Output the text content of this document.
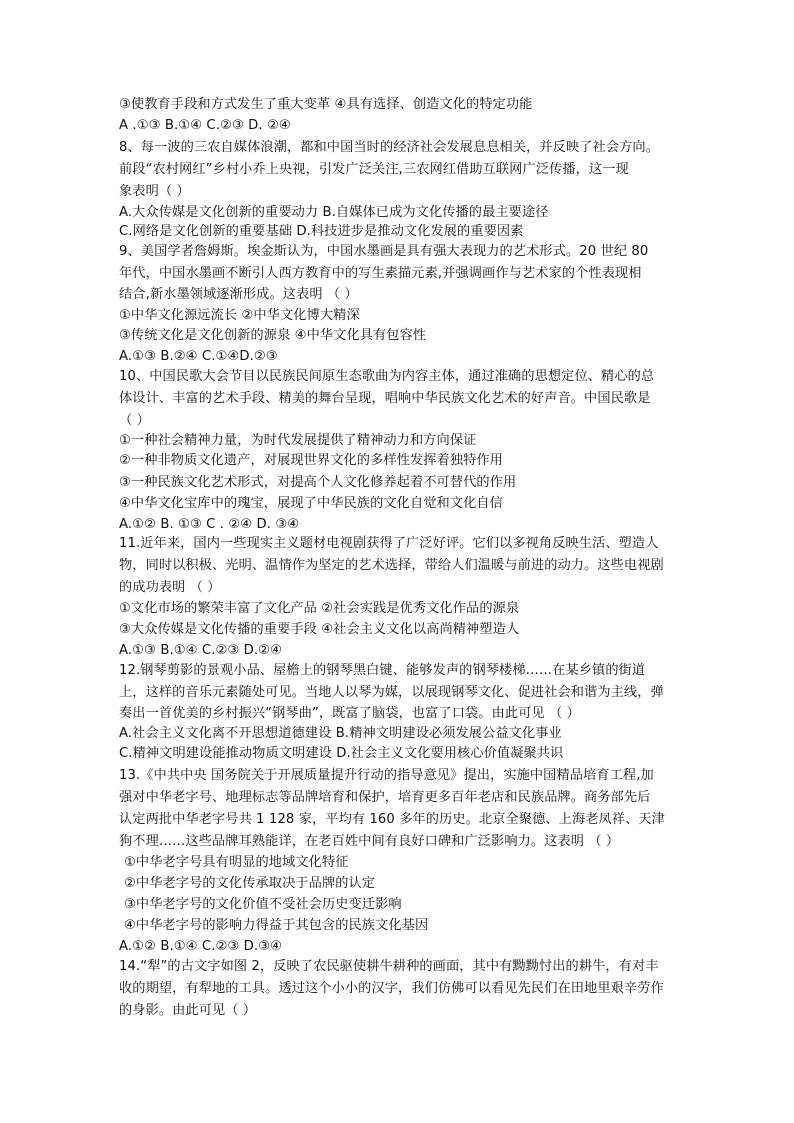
③使教育手段和方式发生了重大变革 ④具有选择、创造文化的特定功能
A .①③ B.①④ C.②③ D. ②④
8、每一波的三农自媒体浪潮，都和中国当时的经济社会发展息息相关，并反映了社会方向。
前段“农村网红”乡村小乔上央视，引发广泛关注,三农网红借助互联网广泛传播，这一现
象表明（ ）
A.大众传媒是文化创新的重要动力 B.自媒体已成为文化传播的最主要途径
C.网络是文化创新的重要基础 D.科技进步是推动文化发展的重要因素
9、美国学者詹姆斯。埃金斯认为，中国水墨画是具有强大表现力的艺术形式。20 世纪 80
年代，中国水墨画不断引人西方教育中的写生素描元素,并强调画作与艺术家的个性表现相
结合,新水墨领域逐渐形成。这表明 （ ）
①中华文化源远流长 ②中华文化博大精深
③传统文化是文化创新的源泉 ④中华文化具有包容性
A.①③ B.②④ C.①④D.②③
10、中国民歌大会节目以民族民间原生态歌曲为内容主体，通过准确的思想定位、精心的总
体设计、丰富的艺术手段、精美的舞台呈现，唱响中华民族文化艺术的好声音。中国民歌是
（ ）
①一种社会精神力量，为时代发展提供了精神动力和方向保证
②一种非物质文化遗产，对展现世界文化的多样性发挥着独特作用
③一种民族文化艺术形式，对提高个人文化修养起着不可替代的作用
④中华文化宝库中的瑰宝，展现了中华民族的文化自觉和文化自信
A.①② B. ①③ C . ②④ D. ③④
11.近年来，国内一些现实主义题材电视剧获得了广泛好评。它们以多视角反映生活、塑造人
物，同时以积极、光明、温情作为坚定的艺术选择，带给人们温暖与前进的动力。这些电视剧
的成功表明 （ ）
①文化市场的繁荣丰富了文化产品 ②社会实践是优秀文化作品的源泉
③大众传媒是文化传播的重要手段 ④社会主义文化以高尚精神塑造人
A.①③ B.①④ C.②③ D.②④
12.钢琴剪影的景观小品、屋檐上的钢琴黑白键、能够发声的钢琴楼梯……在某乡镇的街道
上，这样的音乐元素随处可见。当地人以琴为媒，以展现钢琴文化、促进社会和谐为主线，弹
奏出一首优美的乡村振兴“钢琴曲”，既富了脑袋，也富了口袋。由此可见 （ ）
A.社会主义文化离不开思想道德建设 B.精神文明建设必须发展公益文化事业
C.精神文明建设能推动物质文明建设 D.社会主义文化要用核心价值凝聚共识
13.《中共中央 国务院关于开展质量提升行动的指导意见》提出，实施中国精品培育工程,加
强对中华老字号、地理标志等品牌培育和保护，培育更多百年老店和民族品牌。商务部先后
认定两批中华老字号共 1 128 家，平均有 160 多年的历史。北京全聚德、上海老凤祥、天津
狗不理……这些品牌耳熟能详，在老百姓中间有良好口碑和广泛影响力。这表明 （ ）
①中华老字号具有明显的地域文化特征
②中华老字号的文化传承取决于品牌的认定
③中华老字号的文化价值不受社会历史变迁影响
④中华老字号的影响力得益于其包含的民族文化基因
A.①② B.①④ C.②③ D.③④
14.“犁”的古文字如图 2，反映了农民驱使耕牛耕种的画面，其中有黝黝忖出的耕牛，有对丰
收的期望，有犁地的工具。透过这个小小的汉字，我们仿佛可以看见先民们在田地里艰辛劳作
的身影。由此可见（ ）
